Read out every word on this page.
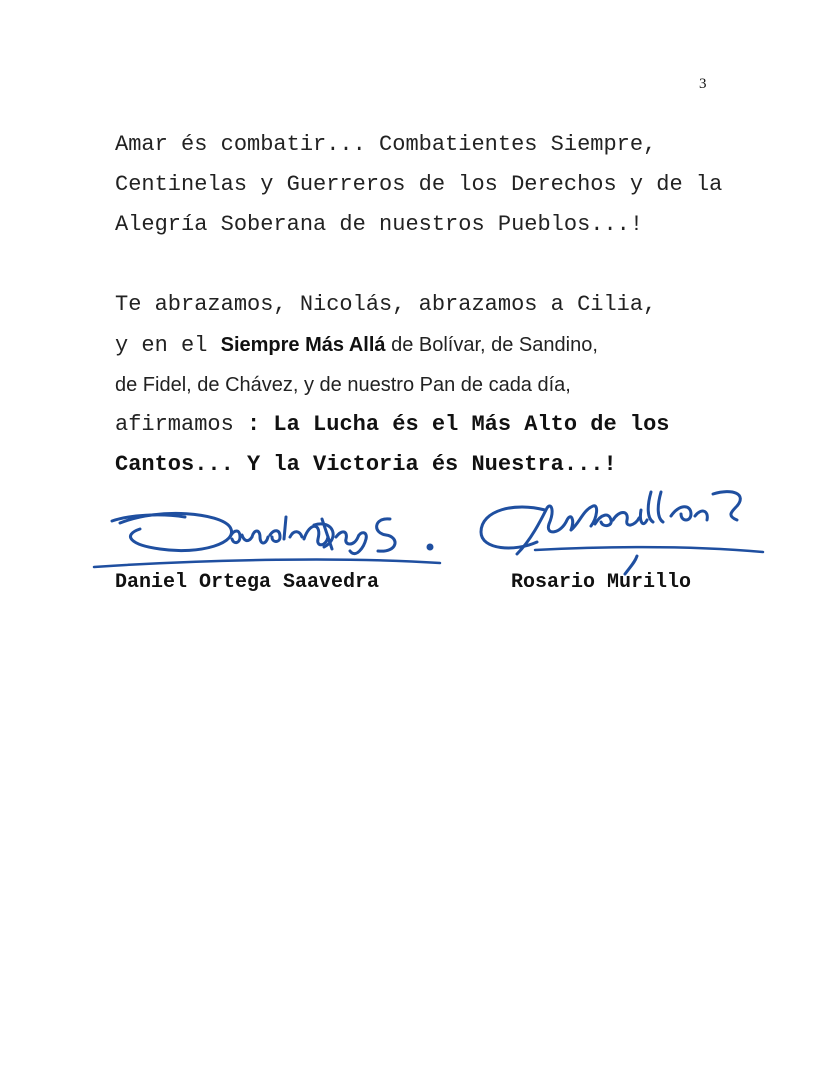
3
Amar és combatir... Combatientes Siempre,
Centinelas y Guerreros de los Derechos y de la
Alegría Soberana de nuestros Pueblos...!
Te abrazamos, Nicolás, abrazamos a Cilia,
y en el Siempre Más Allá de Bolívar, de Sandino,
de Fidel, de Chávez, y de nuestro Pan de cada día,
afirmamos : La Lucha és el Más Alto de los
Cantos... Y la Victoria és Nuestra...!
Daniel Ortega Saavedra	Rosario Murillo
